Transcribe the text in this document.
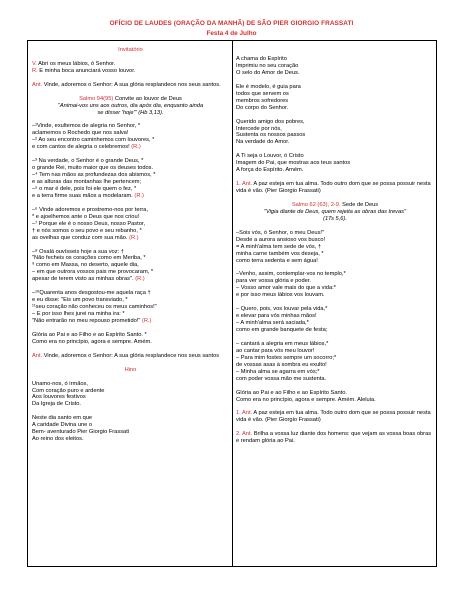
OFÍCIO DE LAUDES (ORAÇÃO DA MANHÃ) DE SÃO PIER GIORGIO FRASSATI
Festa 4 de Julho
Invitatório
V. Abri os meus lábios, ó Senhor.
R. E minha boca anunciará vosso louvor.
Ant. Vinde, adoremos o Senhor: A sua glória resplandece nos seus santos.
Salmo 94(95) Convite ao louvor de Deus
"Animai-vos uns aos outros, dia após dia, enquanto ainda
se disser 'hoje'" (Hb 3,13).
–¹Vinde, exultemos de alegria no Senhor, *
aclamemos o Rochedo que nos salva!
–² Ao seu encontro caminhemos com louvores, *
e com cantos de alegria o celebremos! (R.)
–³ Na verdade, o Senhor é o grande Deus, *
o grande Rei, muito maior que os deuses todos.
–⁴ Tem nas mãos as profundezas dos abismos, *
e as alturas das montanhas lhe pertencem;
–⁵ o mar é dele, pois foi ele quem o fez, *
e a terra firme suas mãos a modelaram. (R.)
–⁶ Vinde adoremos e prostremo-nos por terra,
* e ajoelhemos ante o Deus que nos criou!
–⁷ Porque ele é o nosso Deus, nosso Pastor,
† e nós somos o seu povo e seu rebanho, *
as ovelhas que conduz com sua mão. (R.)
–⁸ Oxalá ouvísseis hoje a sua voz: †
"Não fecheis os corações como em Meriba, *
⁹ como em Massa, no deserto, aquele dia,
– em que outrora vossos pais me provocaram, *
apesar de terem visto as minhas obras". (R.)
–¹⁰Quarenta anos desgostou-me aquela raça †
e eu disse: "Eis um povo transviado, *
¹¹seu coração não conheceu os meus caminhos!"
– E por isso lhes jurei na minha ira: *
"Não entrarão no meu repouso prometido!" (R.)
Glória ao Pai e ao Filho e ao Espírito Santo. *
Como era no princípio, agora e sempre. Amém.
Ant. Vinde, adoremos o Senhor: A sua glória resplandece nos seus santos
Hino
Unamo-nos, ó irmãos,
Com coração puro e ardente
Aos louvores festivos
Da Igreja de Cristo.
Neste dia santo em que
A caridade Divina une o
Bem- aventurado Pier Giorgio Frassati
Ao reino dos eleitos.
A chama do Espírito
Imprimiu no seu coração
O selo do Amor de Deus.
Ele é modelo, é guia para
todos que servem os
membros sofredores
Do corpo do Senhor.
Querido amigo dos pobres,
Intercede por nós,
Sustenta os nossos passos
Na verdade do Amor.
A Ti seja o Louvor, ó Cristo
Imagem do Pai, que mostras aos teus santos
A força do Espírito. Amém.
1. Ant. A paz esteja em tua alma. Todo outro dom que se possa possuir nesta vida é vão. (Pier Giorgio Frassati)
Salmo 62 (63), 2-9. Sede de Deus
"Vigia diante de Deus, quem rejeita as obras das trevas"
(1Ts 5,6).
–Sois vós, ó Senhor, o meu Deus!"
Desde a aurora ansioso vos busco!
= A minh'alma tem sede de vós, †
minha carne também vos deseja, *
como terra sedenta e sem água!
–Venho, assim, contemplar-vos no templo,*
para ver vossa glória e poder.
– Vosso amor vale mais do que a vida:*
e por isso meus lábios vos louvam.
– Quero, pois, vos louvar pela vida,*
e elevar para vós minhas mãos!
– A minh'alma será saciada,*
como em grande banquete de festa;
– cantará a alegria em meus lábios,*
ao cantar para vós meu louvor!
– Para mim fostes sempre um socorro;*
de vossas asas à sombra eu exulto!
– Minha alma se agarra em vós;*
com poder vossa mão me sustenta.
Glória ao Pai e ao Filho e ao Espírito Santo.
Como era no princípio, agora e sempre. Amém. Aleluia.
1. Ant. A paz esteja em tua alma. Todo outro dom que se possa possuir nesta vida é vão. (Pier Giorgio Frassati)
2. Ant. Brilha a vossa luz diante dos homens: que vejam as vossa boas obras e rendam glória ao Pai.
